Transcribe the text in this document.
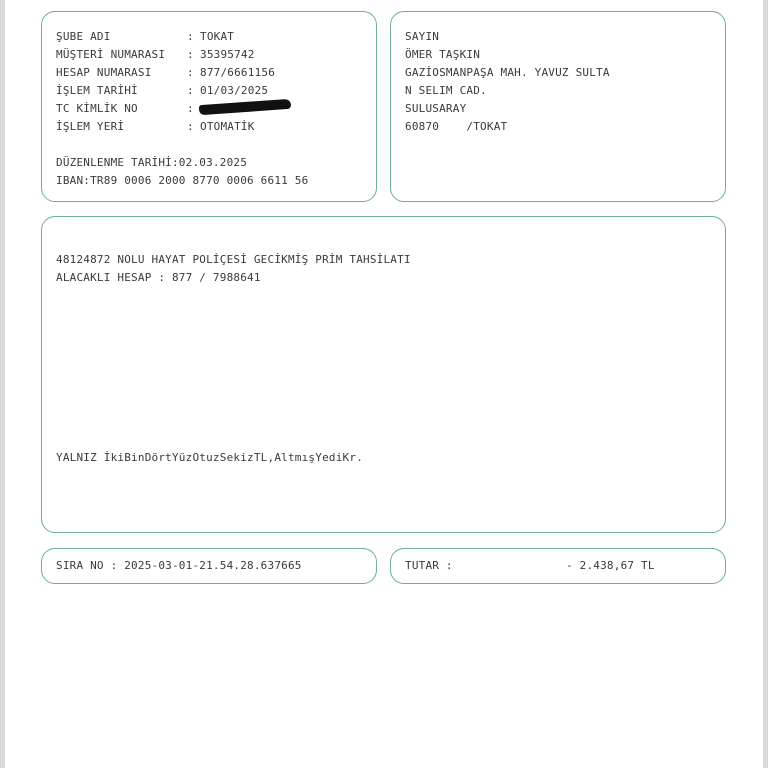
ŞUBE ADI	: TOKAT
MÜŞTERİ NUMARASI : 35395742
HESAP NUMARASI	: 877/6661156
İŞLEM TARİHİ	: 01/03/2025
TC KİMLİK NO	:
İŞLEM YERİ	: OTOMATİK
DÜZENLENME TARİHİ:02.03.2025
IBAN:TR89 0006 2000 8770 0006 6611 56
SAYIN
ÖMER TAŞKIN
GAZİOSMANPAŞA MAH. YAVUZ SULTA
N SELIM CAD.
SULUSARAY
60870    /TOKAT
48124872 NOLU HAYAT POLİÇESİ GECİKMİŞ PRİM TAHSİLATI
ALACAKLI HESAP : 877 / 7988641
YALNIZ İkiBinDörtYüzOtuzSekizTL,AltmışYediKr.
SIRA NO : 2025-03-01-21.54.28.637665	TUTAR :	- 2.438,67 TL
